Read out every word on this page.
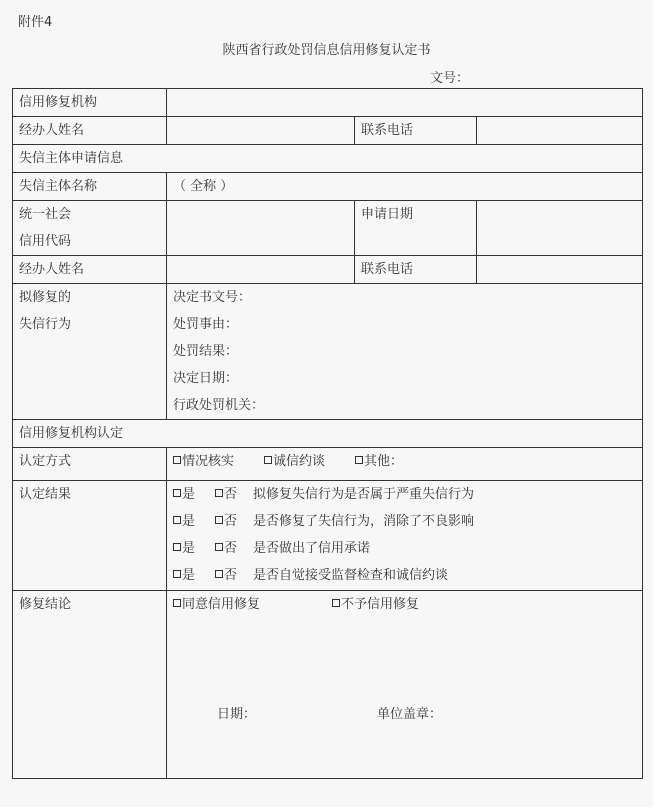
附件4
陕西省行政处罚信息信用修复认定书
文号：
信用修复机构			
经办人姓名		联系电话	
失信主体申请信息			
失信主体名称	（ 全称 ）		

统一社会
信用代码		申请日期	
经办人姓名		联系电话	

拟修复的
失信行为	决定书文号：
处罚事由：
处罚结果：
决定日期：
行政处罚机关：		

信用修复机构认定			
认定方式	情况核实 诚信约谈 其他：		
认定结果	是 否 拟修复失信行为是否属于严重失信行为
是 否 是否修复了失信行为，消除了不良影响
是 否 是否做出了信用承诺
是 否 是否自觉接受监督检查和诚信约谈		

修复结论	同意信用修复 不予信用修复
日期： 单位盖章：		
